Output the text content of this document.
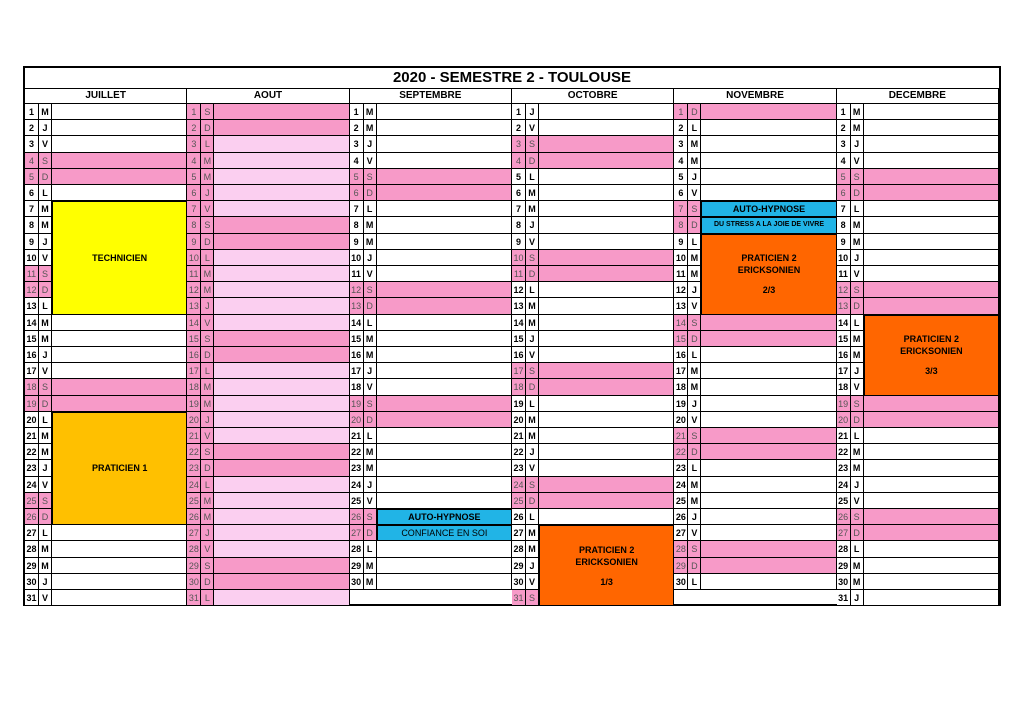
2020 - SEMESTRE 2 - TOULOUSE
JUILLET
1 M
2 J
3 V
4 S
5 D
6 L
7 M
8 M
9 J
10 V
11 S
12 D
13 L
14 M
15 M
16 J
17 V
18 S
19 D
20 L
21 M
22 M
23 J
24 V
25 S
26 D
27 L
28 M
29 M
30 J
31 V
AOUT
1 S
2 D
3 L
4 M
5 M
6 J
7 V
8 S
9 D
10 L
11 M
12 M
13 J
14 V
15 S
16 D
17 L
18 M
19 M
20 J
21 V
22 S
23 D
24 L
25 M
26 M
27 J
28 V
29 S
30 D
31 L
SEPTEMBRE
1 M
2 M
3 J
4 V
5 S
6 D
7 L
8 M
9 M
10 J
11 V
12 S
13 D
14 L
15 M
16 M
17 J
18 V
19 S
20 D
21 L
22 M
23 M
24 J
25 V
26 S
27 D
28 L
29 M
30 M
OCTOBRE
1 J
2 V
3 S
4 D
5 L
6 M
7 M
8 J
9 V
10 S
11 D
12 L
13 M
14 M
15 J
16 V
17 S
18 D
19 L
20 M
21 M
22 J
23 V
24 S
25 D
26 L
27 M
28 M
29 J
30 V
31 S
NOVEMBRE
1 D
2 L
3 M
4 M
5 J
6 V
7 S
8 D
9 L
10 M
11 M
12 J
13 V
14 S
15 D
16 L
17 M
18 M
19 J
20 V
21 S
22 D
23 L
24 M
25 M
26 J
27 V
28 S
29 D
30 L
DECEMBRE
1 M
2 M
3 J
4 V
5 S
6 D
7 L
8 M
9 M
10 J
11 V
12 S
13 D
14 L
15 M
16 M
17 J
18 V
19 S
20 D
21 L
22 M
23 M
24 J
25 V
26 S
27 D
28 L
29 M
30 M
31 J
TECHNICIEN
PRATICIEN 1
AUTO-HYPNOSE
CONFIANCE EN SOI
PRATICIEN 2
ERICKSONIEN
1/3
AUTO-HYPNOSE
DU STRESS A LA JOIE DE VIVRE
PRATICIEN 2
ERICKSONIEN
2/3
PRATICIEN 2
ERICKSONIEN
3/3
